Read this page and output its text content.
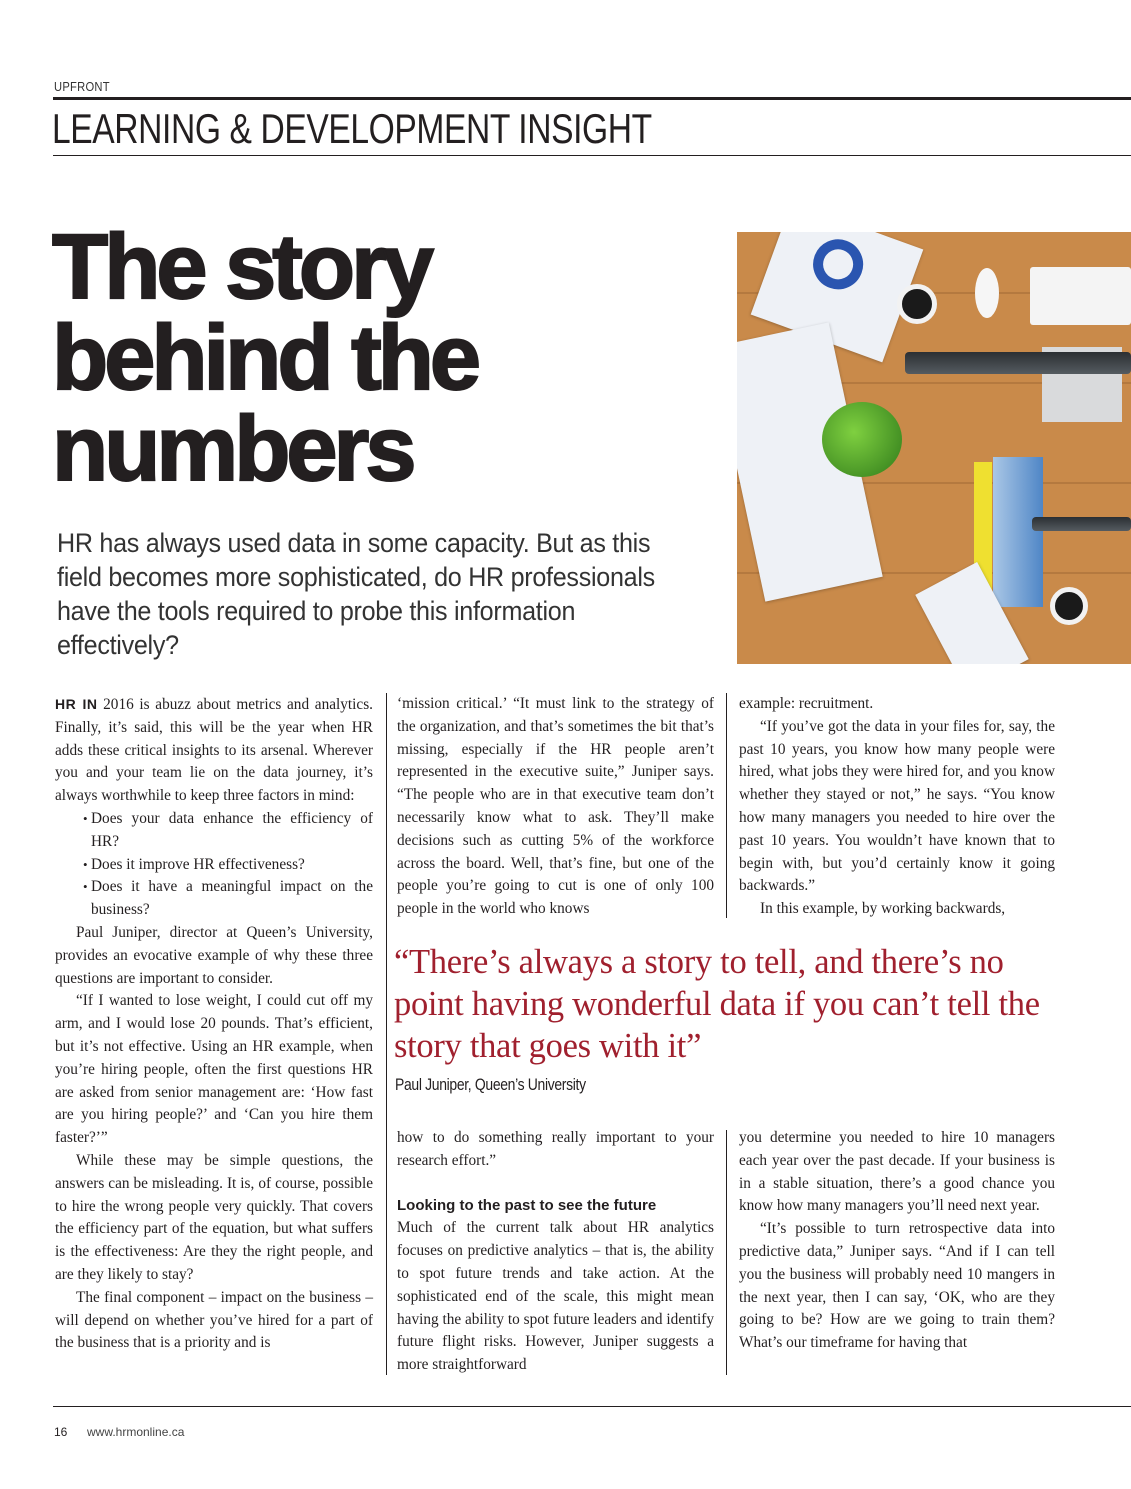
UPFRONT
LEARNING & DEVELOPMENT INSIGHT
The story
behind the
numbers
HR has always used data in some capacity. But as this field becomes more sophisticated, do HR professionals have the tools required to probe this information effectively?

HR IN 2016 is abuzz about metrics and analytics. Finally, it’s said, this will be the year when HR adds these critical insights to its arsenal. Wherever you and your team lie on the data journey, it’s always worthwhile to keep three factors in mind:

• Does your data enhance the efficiency of HR?
• Does it improve HR effectiveness?
• Does it have a meaningful impact on the business?

Paul Juniper, director at Queen’s University, provides an evocative example of why these three questions are important to consider.

“If I wanted to lose weight, I could cut off my arm, and I would lose 20 pounds. That’s efficient, but it’s not effective. Using an HR example, when you’re hiring people, often the first questions HR are asked from senior management are: ‘How fast are you hiring people?’ and ‘Can you hire them faster?’”

While these may be simple questions, the answers can be misleading. It is, of course, possible to hire the wrong people very quickly. That covers the efficiency part of the equation, but what suffers is the effectiveness: Are they the right people, and are they likely to stay?

The final component – impact on the business – will depend on whether you’ve hired for a part of the business that is a priority and is

‘mission critical.’ “It must link to the strategy of the organization, and that’s sometimes the bit that’s missing, especially if the HR people aren’t represented in the executive suite,” Juniper says. “The people who are in that executive team don’t necessarily know what to ask. They’ll make decisions such as cutting 5% of the workforce across the board. Well, that’s fine, but one of the people you’re going to cut is one of only 100 people in the world who knows

example: recruitment.

“If you’ve got the data in your files for, say, the past 10 years, you know how many people were hired, what jobs they were hired for, and you know whether they stayed or not,” he says. “You know how many managers you needed to hire over the past 10 years. You wouldn’t have known that to begin with, but you’d certainly know it going backwards.”

In this example, by working backwards,

“There’s always a story to tell, and there’s no point having wonderful data if you can’t tell the story that goes with it”
Paul Juniper, Queen’s University

how to do something really important to your research effort.”

Looking to the past to see the future

Much of the current talk about HR analytics focuses on predictive analytics – that is, the ability to spot future trends and take action. At the sophisticated end of the scale, this might mean having the ability to spot future leaders and identify future flight risks. However, Juniper suggests a more straightforward

you determine you needed to hire 10 managers each year over the past decade. If your business is in a stable situation, there’s a good chance you know how many managers you’ll need next year.

“It’s possible to turn retrospective data into predictive data,” Juniper says. “And if I can tell you the business will probably need 10 mangers in the next year, then I can say, ‘OK, who are they going to be? How are we going to train them? What’s our timeframe for having that

16 www.hrmonline.ca
